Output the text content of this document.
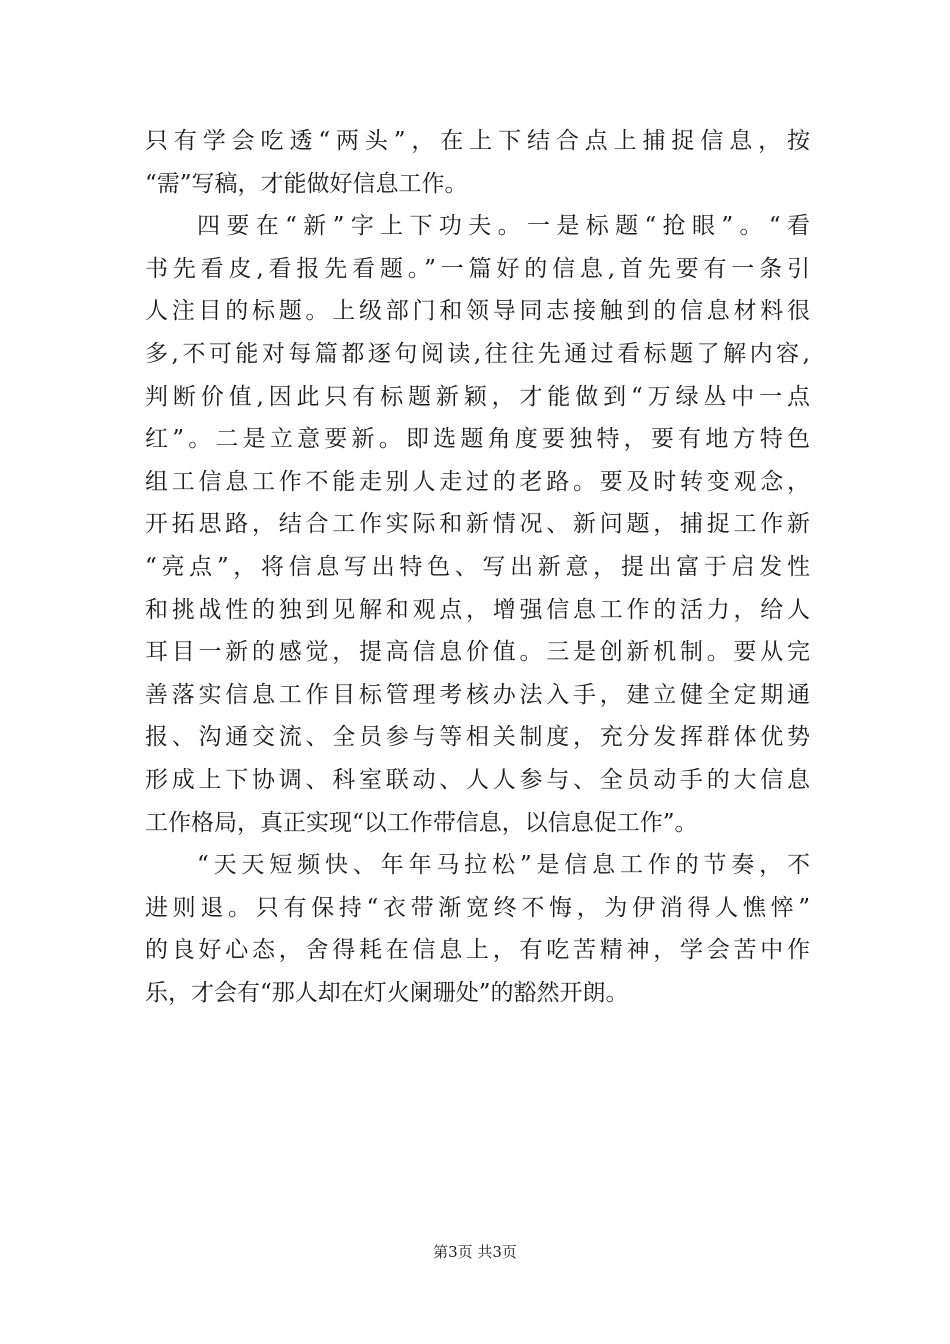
只有学会吃透“两头”，在上下结合点上捕捉信息，按
“需”写稿，才能做好信息工作。
四要在“新”字上下功夫。一是标题“抢眼”。“看
书先看皮,看报先看题。”一篇好的信息,首先要有一条引
人注目的标题。上级部门和领导同志接触到的信息材料很
多,不可能对每篇都逐句阅读,往往先通过看标题了解内容,
判断价值,因此只有标题新颖，才能做到“万绿丛中一点
红”。二是立意要新。即选题角度要独特，要有地方特色
组工信息工作不能走别人走过的老路。要及时转变观念，
开拓思路，结合工作实际和新情况、新问题，捕捉工作新
“亮点”，将信息写出特色、写出新意，提出富于启发性
和挑战性的独到见解和观点，增强信息工作的活力，给人
耳目一新的感觉，提高信息价值。三是创新机制。要从完
善落实信息工作目标管理考核办法入手，建立健全定期通
报、沟通交流、全员参与等相关制度，充分发挥群体优势
形成上下协调、科室联动、人人参与、全员动手的大信息
工作格局，真正实现“以工作带信息，以信息促工作”。
“天天短频快、年年马拉松”是信息工作的节奏，不
进则退。只有保持“衣带渐宽终不悔，为伊消得人憔悴”
的良好心态，舍得耗在信息上，有吃苦精神，学会苦中作
乐，才会有“那人却在灯火阑珊处”的豁然开朗。
第3页 共3页
